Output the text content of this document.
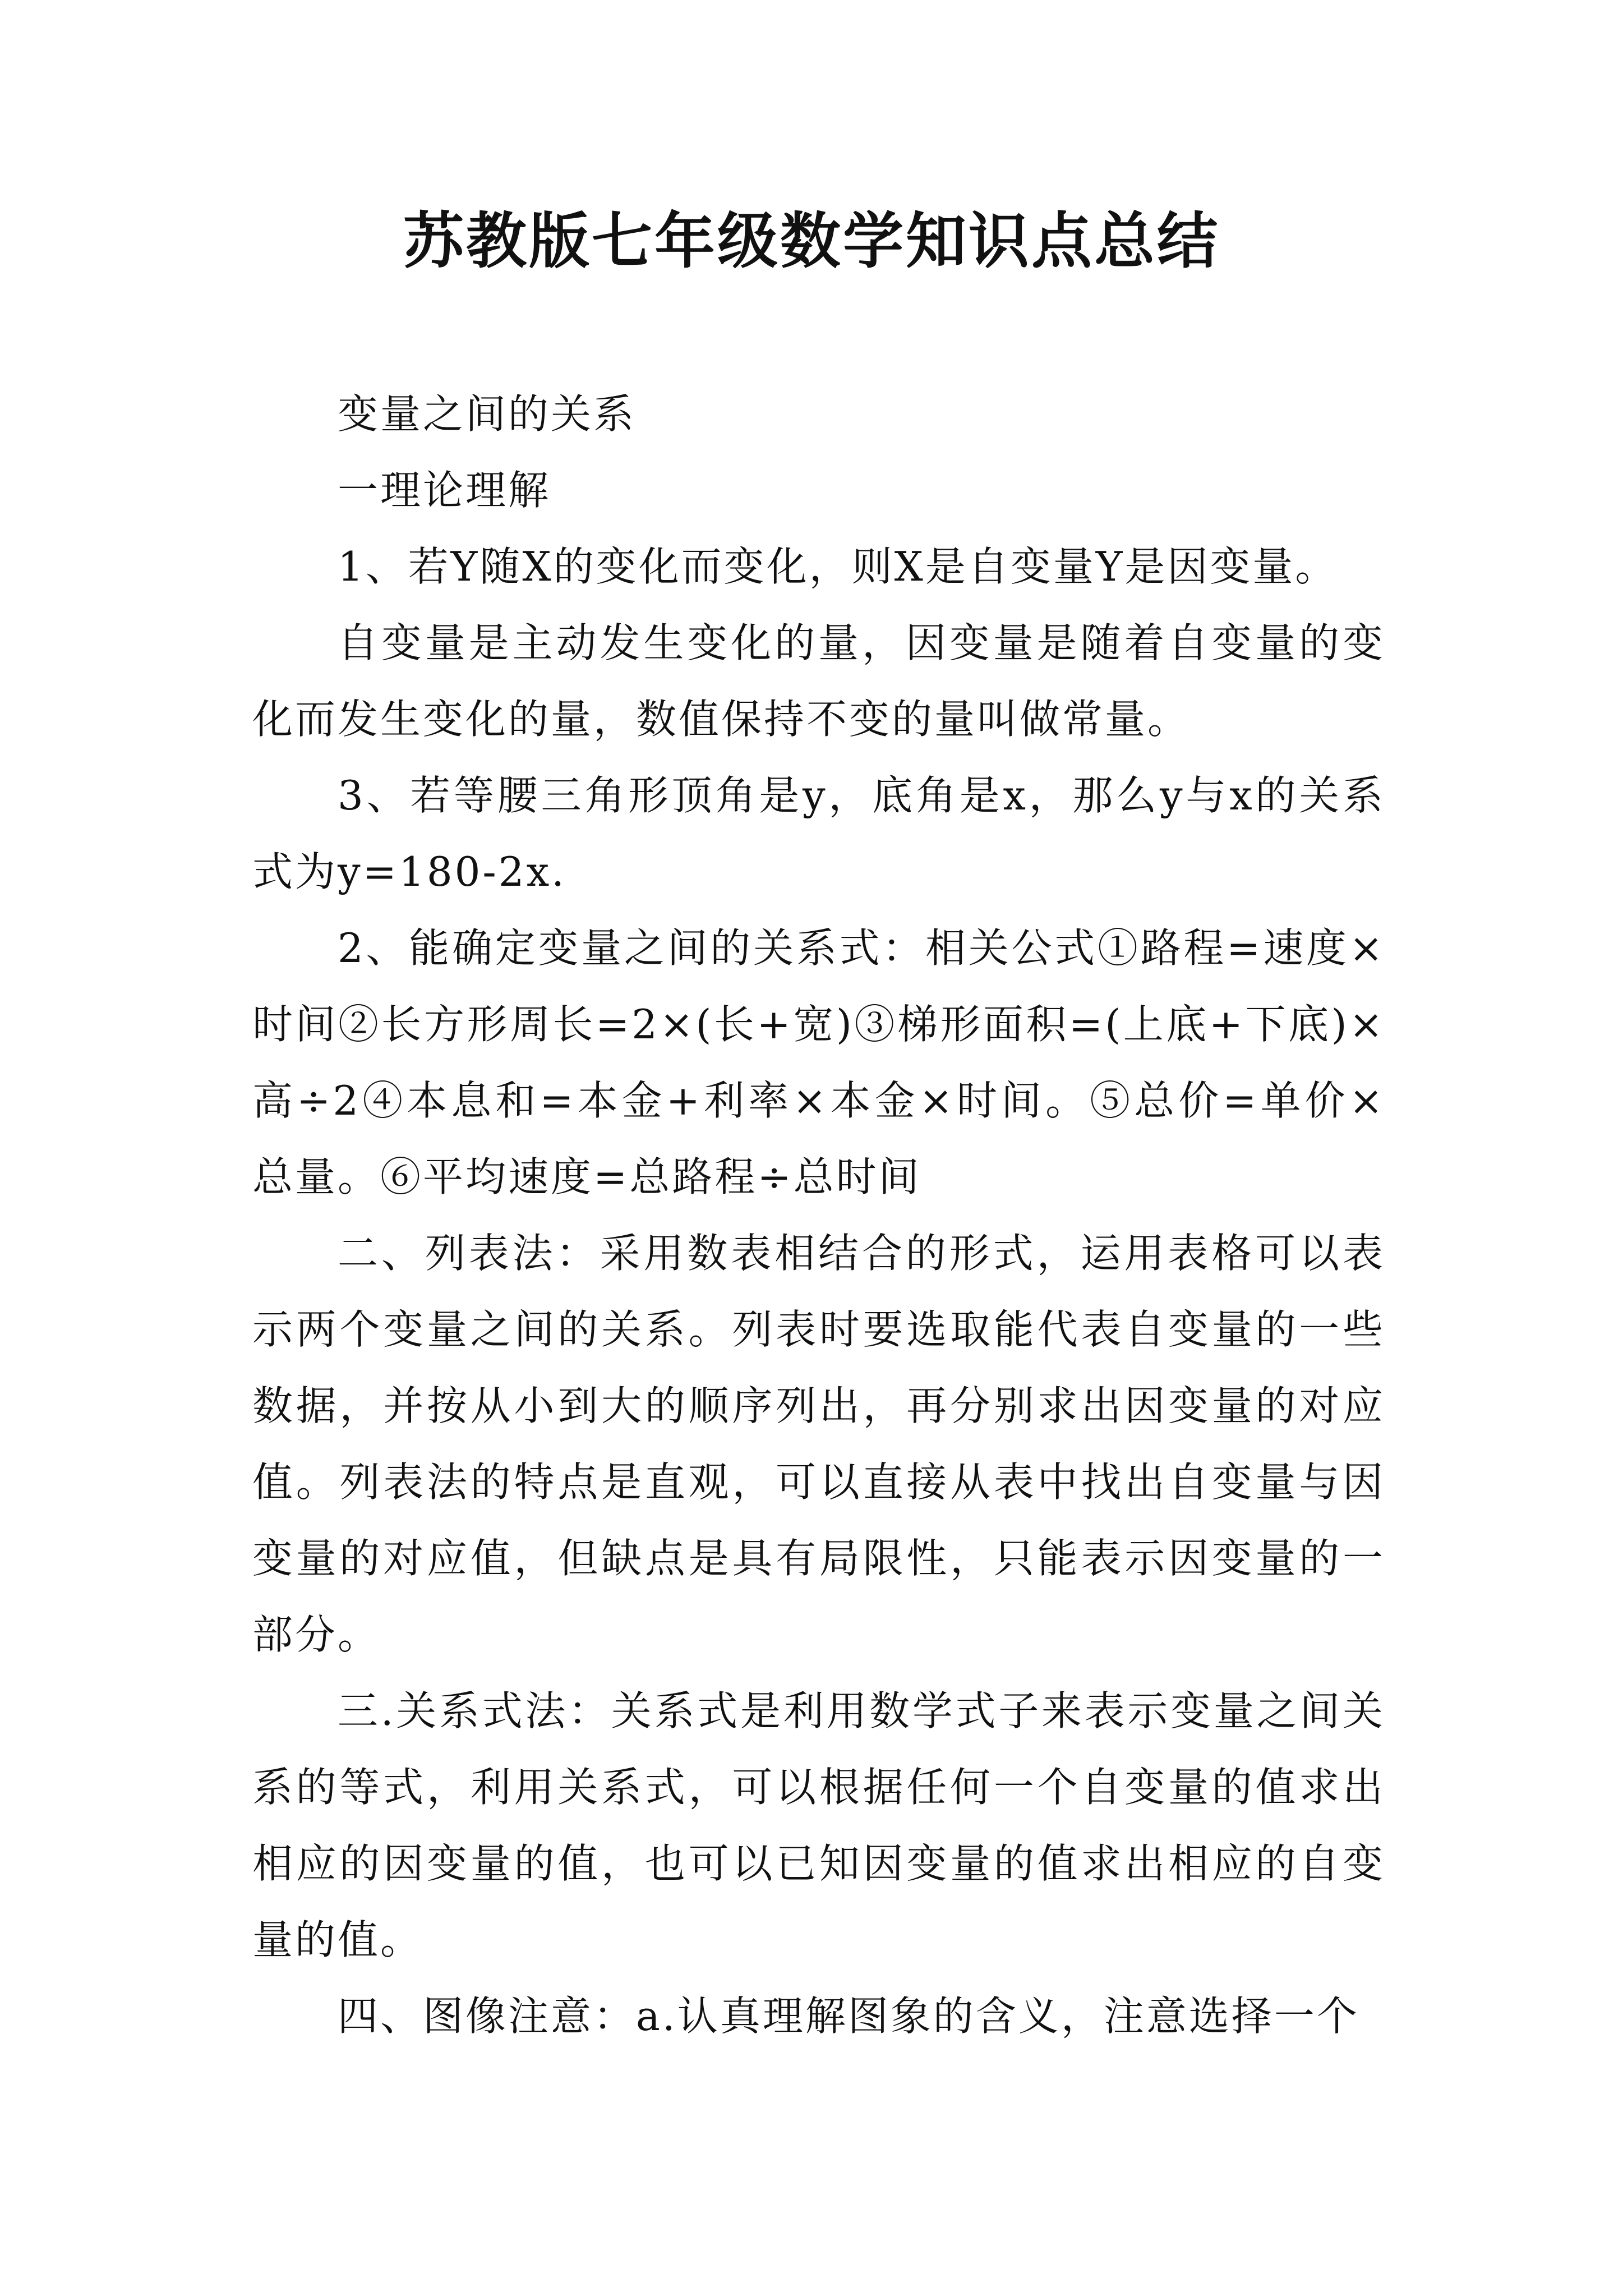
苏教版七年级数学知识点总结

变量之间的关系

一理论理解

1、若Y随X的变化而变化，则X是自变量Y是因变量。

自变量是主动发生变化的量，因变量是随着自变量的变化而发生变化的量，数值保持不变的量叫做常量。

3、若等腰三角形顶角是y，底角是x，那么y与x的关系式为y=180-2x.

2、能确定变量之间的关系式：相关公式①路程=速度×时间②长方形周长=2×(长+宽)③梯形面积=(上底+下底)×高÷2④本息和=本金+利率×本金×时间。⑤总价=单价×总量。⑥平均速度=总路程÷总时间

二、列表法：采用数表相结合的形式，运用表格可以表示两个变量之间的关系。列表时要选取能代表自变量的一些数据，并按从小到大的顺序列出，再分别求出因变量的对应值。列表法的特点是直观，可以直接从表中找出自变量与因变量的对应值，但缺点是具有局限性，只能表示因变量的一部分。

三.关系式法：关系式是利用数学式子来表示变量之间关系的等式，利用关系式，可以根据任何一个自变量的值求出相应的因变量的值，也可以已知因变量的值求出相应的自变量的值。

四、图像注意：a.认真理解图象的含义，注意选择一个
